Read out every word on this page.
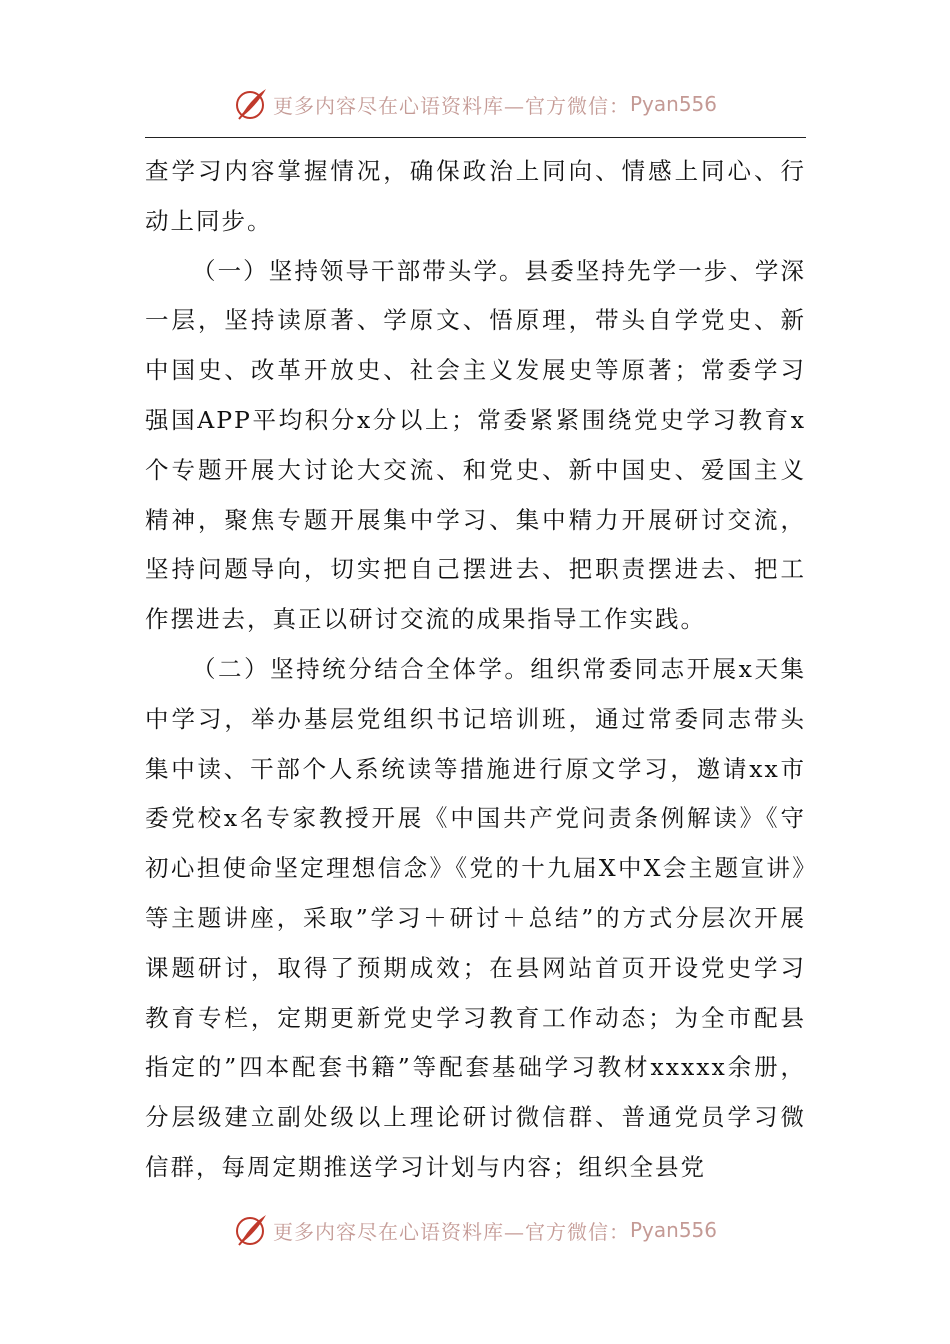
更多内容尽在心语资料库—官方微信： Pyan556

查学习内容掌握情况，确保政治上同向、情感上同心、行动上同步。

（一）坚持领导干部带头学。县委坚持先学一步、学深一层，坚持读原著、学原文、悟原理，带头自学党史、新中国史、改革开放史、社会主义发展史等原著；常委学习强国APP平均积分x分以上；常委紧紧围绕党史学习教育x个专题开展大讨论大交流、和党史、新中国史、爱国主义精神，聚焦专题开展集中学习、集中精力开展研讨交流，坚持问题导向，切实把自己摆进去、把职责摆进去、把工作摆进去，真正以研讨交流的成果指导工作实践。

（二）坚持统分结合全体学。组织常委同志开展x天集中学习，举办基层党组织书记培训班，通过常委同志带头集中读、干部个人系统读等措施进行原文学习，邀请xx市委党校x名专家教授开展《中国共产党问责条例解读》《守初心担使命坚定理想信念》《党的十九届X中X会主题宣讲》等主题讲座，采取”学习＋研讨＋总结”的方式分层次开展课题研讨，取得了预期成效；在县网站首页开设党史学习教育专栏，定期更新党史学习教育工作动态；为全市配县指定的”四本配套书籍”等配套基础学习教材xxxxx余册，分层级建立副处级以上理论研讨微信群、普通党员学习微信群，每周定期推送学习计划与内容；组织全县党

更多内容尽在心语资料库—官方微信： Pyan556
